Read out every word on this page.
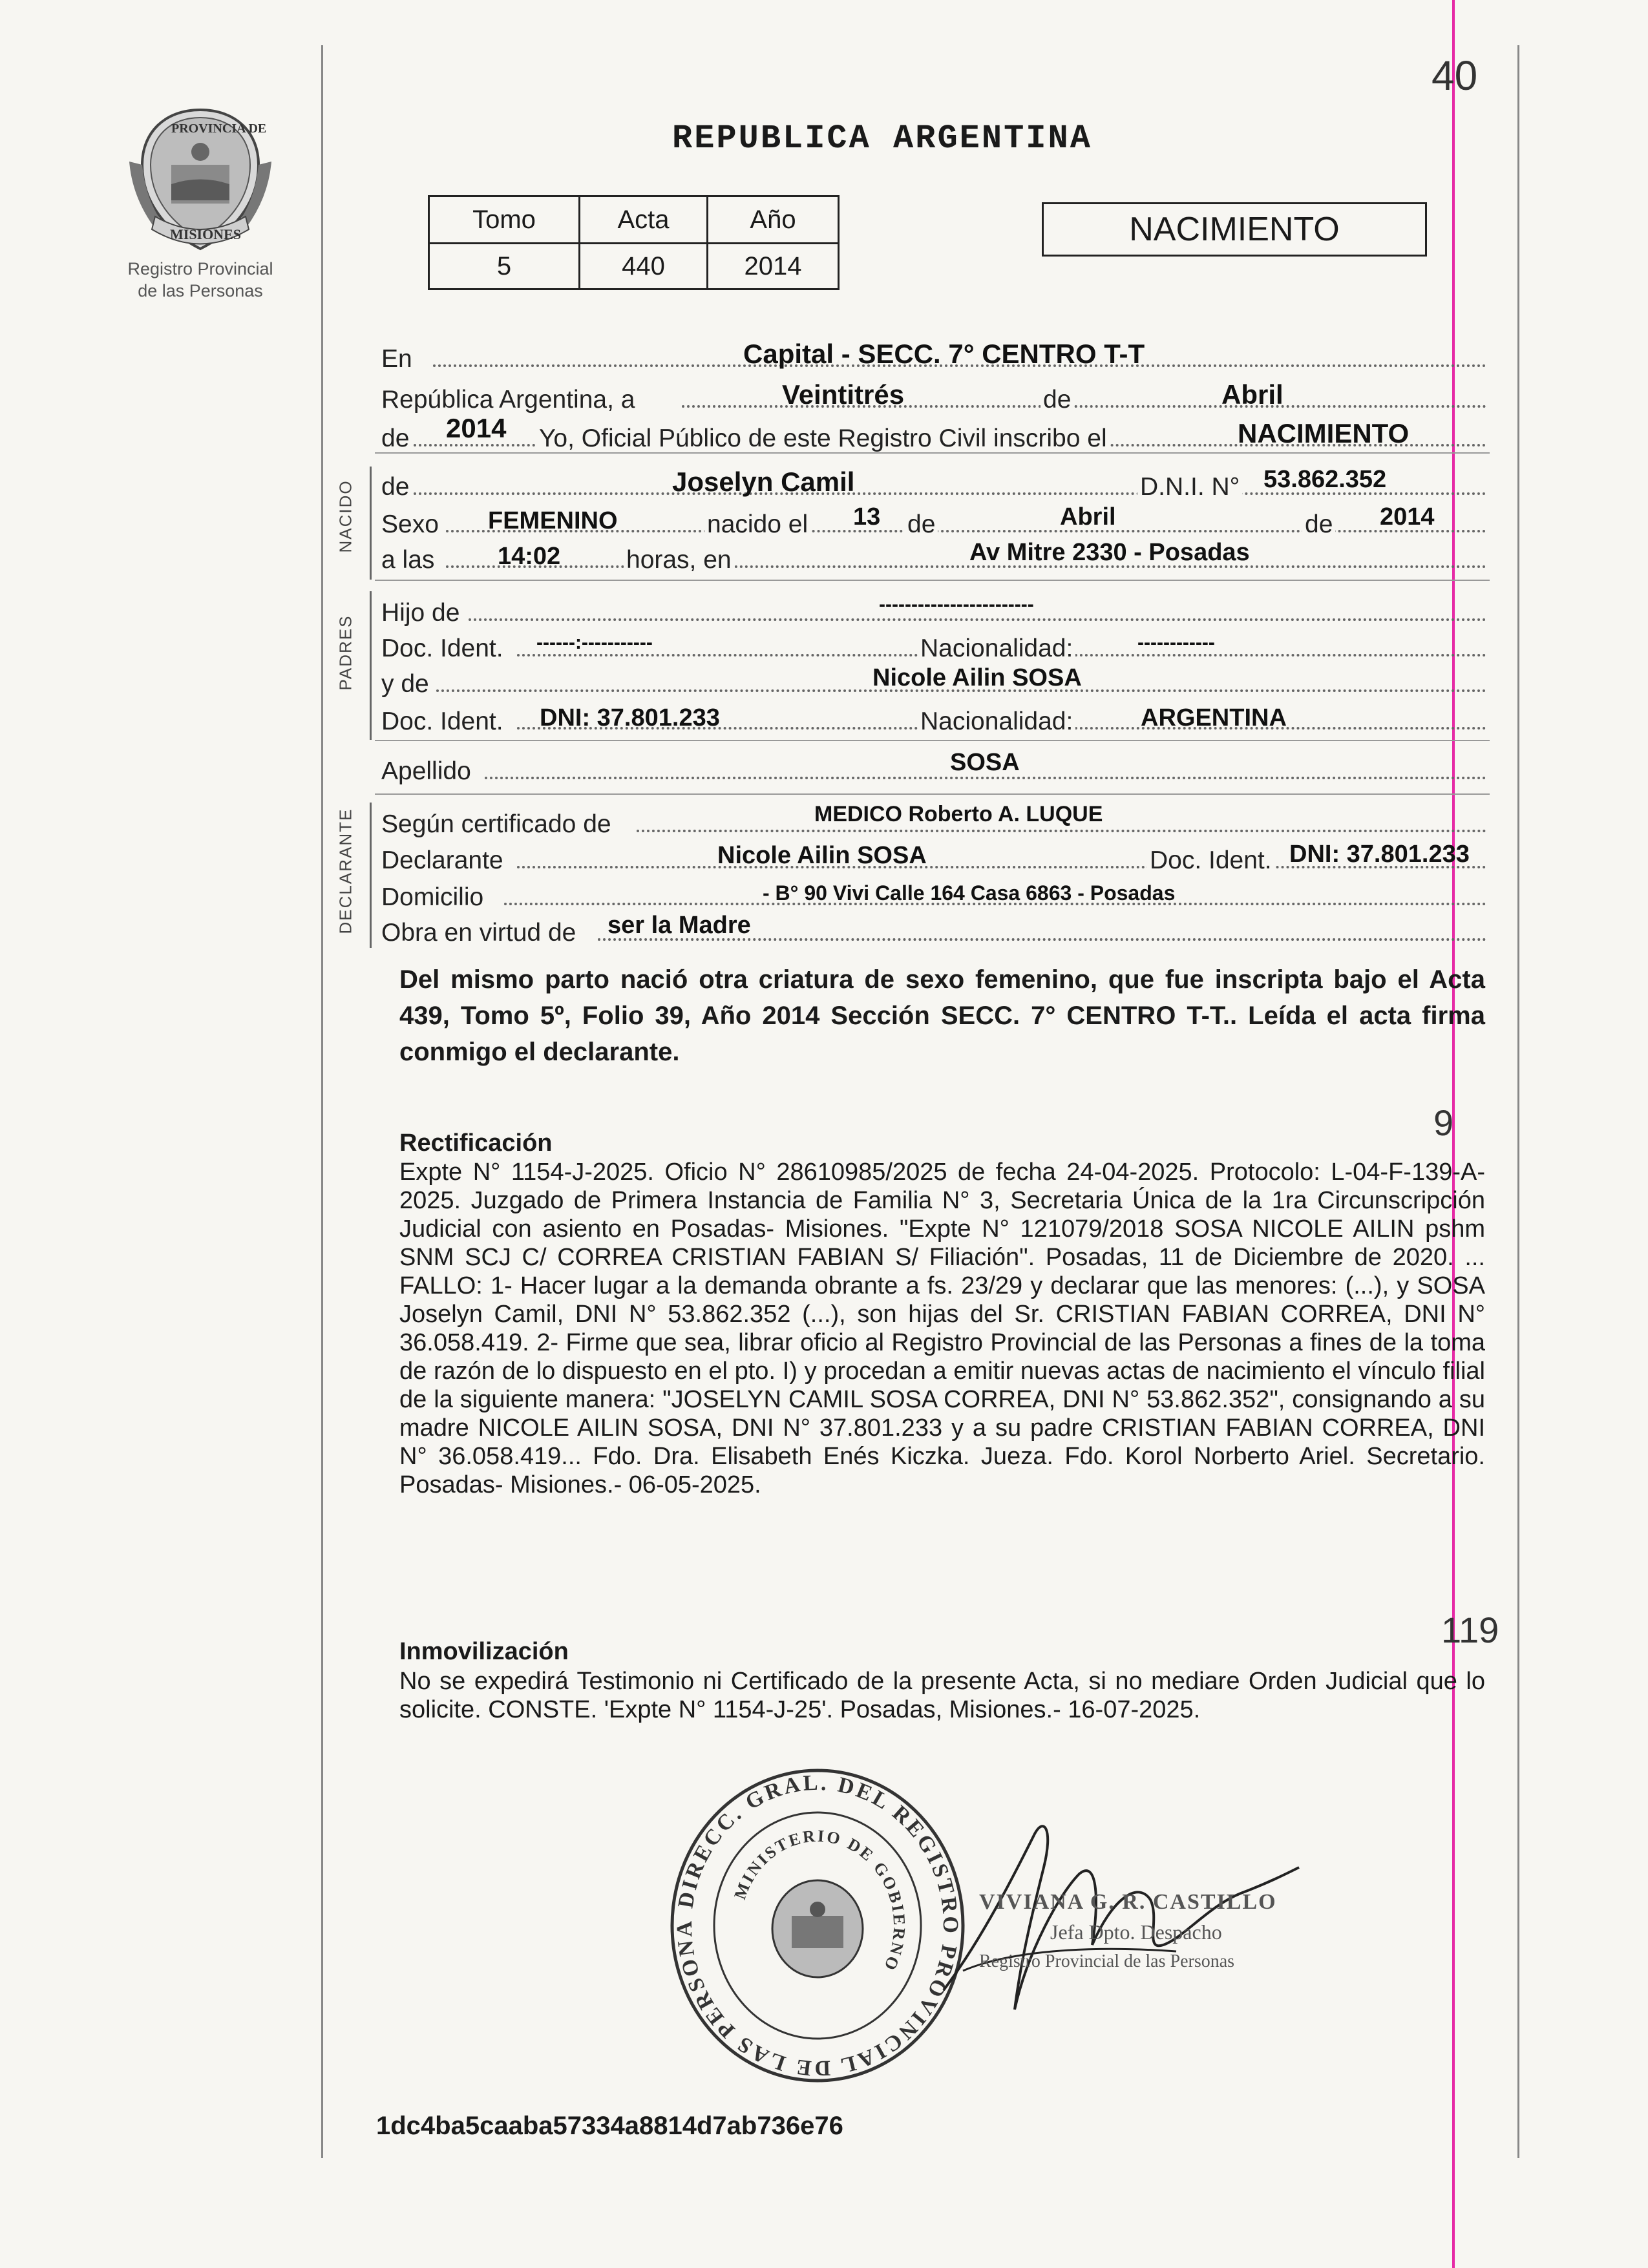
40
PROVINCIA DE
MISIONES
Registro Provincial
de las Personas
REPUBLICA ARGENTINA
Tomo	Acta	Año
5	440	2014
NACIMIENTO
En	Capital - SECC. 7° CENTRO T-T
República Argentina, a	Veintitrés	de	Abril
de 2014 Yo, Oficial Público de este Registro Civil inscribo el	NACIMIENTO
NACIDO de	Joselyn Camil	D.N.I. N° 53.862.352
Sexo FEMENINO	nacido el 13 de	Abril	de 2014
a las	14:02	horas, en	Av Mitre 2330 - Posadas
PADRES
Hijo de	------------------------
Doc. Ident. ------:-----------	Nacionalidad:	------------
y de	Nicole Ailin SOSA
Doc. Ident. DNI: 37.801.233	Nacionalidad:	ARGENTINA
Apellido	SOSA
DECLARANTE Según certificado de	MEDICO Roberto A. LUQUE
Declarante	Nicole Ailin SOSA	Doc. Ident. DNI: 37.801.233
Domicilio	- B° 90 Vivi Calle 164 Casa 6863 - Posadas
Obra en virtud de ser la Madre
Del mismo parto nació otra criatura de sexo femenino, que fue inscripta bajo el Acta 439, Tomo 5º, Folio 39, Año 2014 Sección SECC. 7° CENTRO T-T.. Leída el acta firma conmigo el declarante.
Rectificación	9
Expte N° 1154-J-2025. Oficio N° 28610985/2025 de fecha 24-04-2025. Protocolo: L-04-F-139-A-2025. Juzgado de Primera Instancia de Familia N° 3, Secretaria Única de la 1ra Circunscripción Judicial con asiento en Posadas- Misiones. "Expte N° 121079/2018 SOSA NICOLE AILIN pshm SNM SCJ C/ CORREA CRISTIAN FABIAN S/ Filiación". Posadas, 11 de Diciembre de 2020. ... FALLO: 1- Hacer lugar a la demanda obrante a fs. 23/29 y declarar que las menores: (...), y SOSA Joselyn Camil, DNI N° 53.862.352 (...), son hijas del Sr. CRISTIAN FABIAN CORREA, DNI N° 36.058.419. 2- Firme que sea, librar oficio al Registro Provincial de las Personas a fines de la toma de razón de lo dispuesto en el pto. I) y procedan a emitir nuevas actas de nacimiento el vínculo filial de la siguiente manera: "JOSELYN CAMIL SOSA CORREA, DNI N° 53.862.352", consignando a su madre NICOLE AILIN SOSA, DNI N° 37.801.233 y a su padre CRISTIAN FABIAN CORREA, DNI N° 36.058.419... Fdo. Dra. Elisabeth Enés Kiczka. Jueza. Fdo. Korol Norberto Ariel. Secretario. Posadas- Misiones.- 06-05-2025.
Inmovilización
119
No se expedirá Testimonio ni Certificado de la presente Acta, si no mediare Orden Judicial que lo solicite. CONSTE. 'Expte N° 1154-J-25'. Posadas, Misiones.- 16-07-2025.
DIRECC. GRAL. DEL REGISTRO PROVINCIAL DE LAS PERSONA
MINISTERIO DE GOBIERNO
VIVIANA G. R. CASTILLO
Jefa Dpto. Despacho
Registro Provincial de las Personas
1dc4ba5caaba57334a8814d7ab736e76
